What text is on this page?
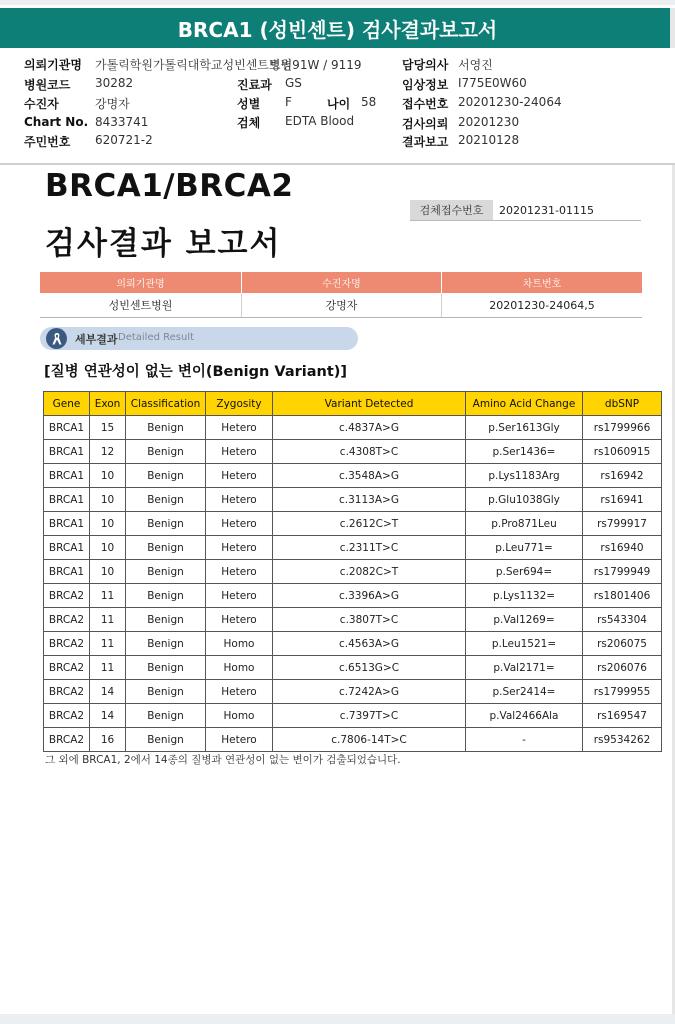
BRCA1 (성빈센트) 검사결과보고서
의뢰기관명 가톨릭학원가톨릭대학교성빈센트병원
트병91W / 9119	담당의사 서영진
병원코드 30282	진료과 GS	임상정보 I775E0W60
수진자	강명자	성별 F	나이 58 접수번호 20201230-24064
Chart No. 8433741	검체 EDTA Blood	검사의뢰 20201230
주민번호 620721-2	결과보고 20210128
BRCA1/BRCA2
검사결과 보고서
검체접수번호	20201231-01115
의뢰기관명	수진자명	차트번호
성빈센트병원	강명자	20201230-24064,5
세부결과 Detailed Result
[질병 연관성이 없는 변이(Benign Variant)]
Gene	Exon	Classification	Zygosity	Variant Detected	Amino Acid Change	dbSNP
BRCA1	15	Benign	Hetero	c.4837A>G	p.Ser1613Gly	rs1799966
BRCA1	12	Benign	Hetero	c.4308T>C	p.Ser1436=	rs1060915
BRCA1	10	Benign	Hetero	c.3548A>G	p.Lys1183Arg	rs16942
BRCA1	10	Benign	Hetero	c.3113A>G	p.Glu1038Gly	rs16941
BRCA1	10	Benign	Hetero	c.2612C>T	p.Pro871Leu	rs799917
BRCA1	10	Benign	Hetero	c.2311T>C	p.Leu771=	rs16940
BRCA1	10	Benign	Hetero	c.2082C>T	p.Ser694=	rs1799949
BRCA2	11	Benign	Hetero	c.3396A>G	p.Lys1132=	rs1801406
BRCA2	11	Benign	Hetero	c.3807T>C	p.Val1269=	rs543304
BRCA2	11	Benign	Homo	c.4563A>G	p.Leu1521=	rs206075
BRCA2	11	Benign	Homo	c.6513G>C	p.Val2171=	rs206076
BRCA2	14	Benign	Hetero	c.7242A>G	p.Ser2414=	rs1799955
BRCA2	14	Benign	Homo	c.7397T>C	p.Val2466Ala	rs169547
BRCA2	16	Benign	Hetero	c.7806-14T>C	-	rs9534262
그 외에 BRCA1, 2에서 14종의 질병과 연관성이 없는 변이가 검출되었습니다.
